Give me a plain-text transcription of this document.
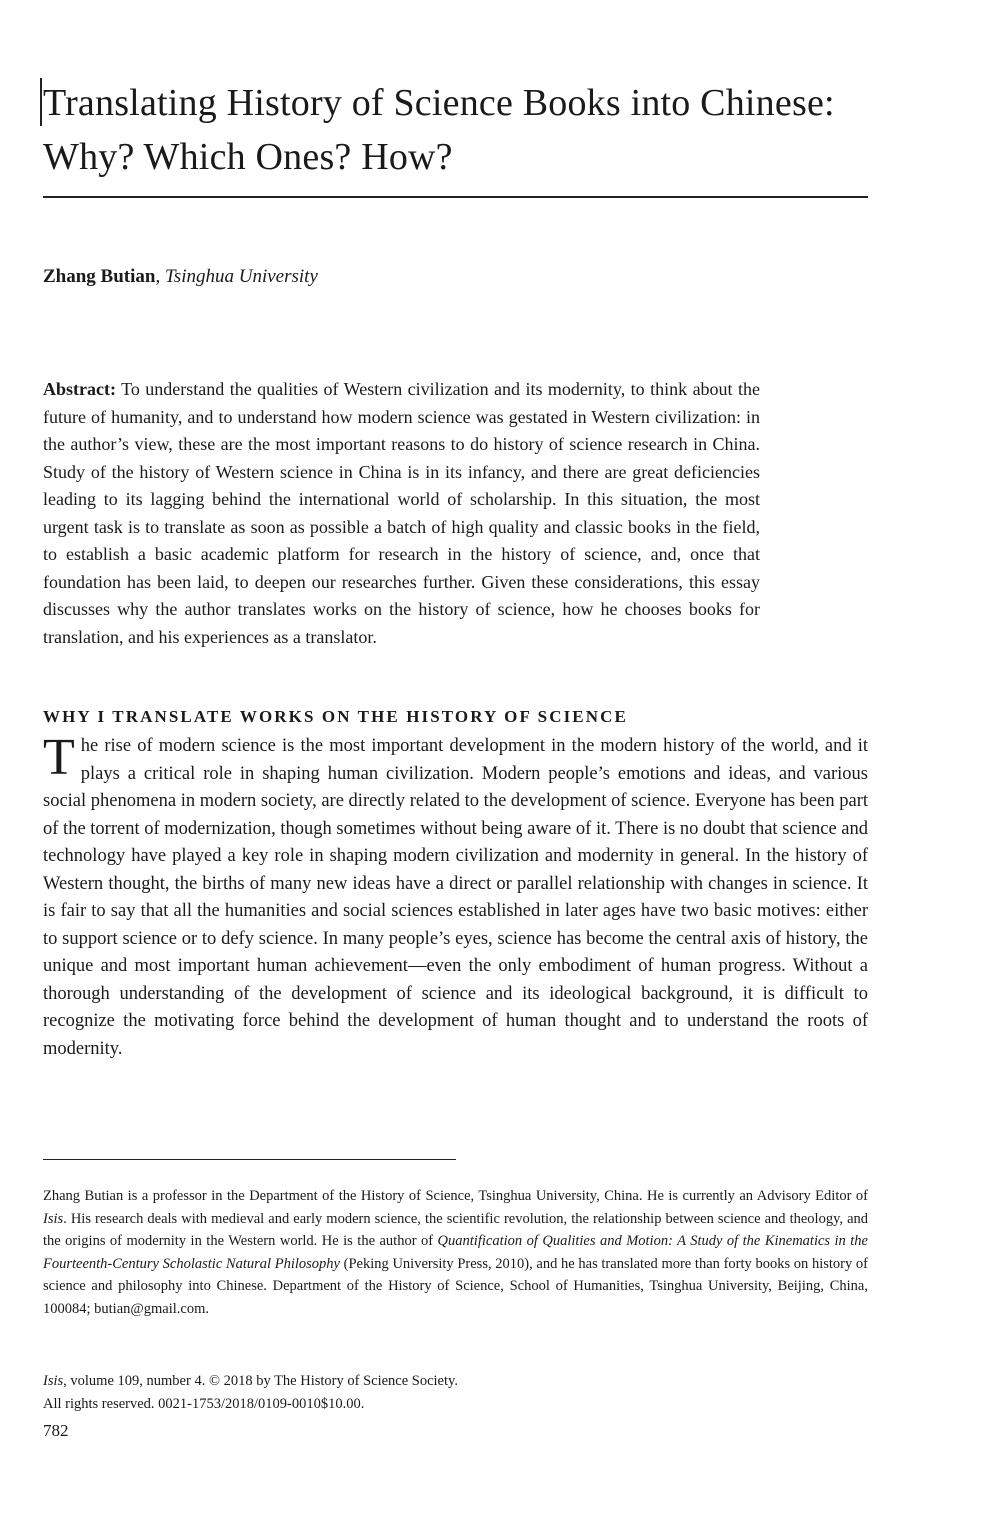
Translating History of Science Books into Chinese: Why? Which Ones? How?
Zhang Butian, Tsinghua University

Abstract: To understand the qualities of Western civilization and its modernity, to think about the future of humanity, and to understand how modern science was gestated in Western civilization: in the author’s view, these are the most important reasons to do history of science research in China. Study of the history of Western science in China is in its infancy, and there are great deficiencies leading to its lagging behind the international world of scholarship. In this situation, the most urgent task is to translate as soon as possible a batch of high quality and classic books in the field, to establish a basic academic platform for research in the history of science, and, once that foundation has been laid, to deepen our researches further. Given these considerations, this essay discusses why the author translates works on the history of science, how he chooses books for translation, and his experiences as a translator.

WHY I TRANSLATE WORKS ON THE HISTORY OF SCIENCE

The rise of modern science is the most important development in the modern history of the world, and it plays a critical role in shaping human civilization. Modern people’s emotions and ideas, and various social phenomena in modern society, are directly related to the development of science. Everyone has been part of the torrent of modernization, though sometimes without being aware of it. There is no doubt that science and technology have played a key role in shaping modern civilization and modernity in general. In the history of Western thought, the births of many new ideas have a direct or parallel relationship with changes in science. It is fair to say that all the humanities and social sciences established in later ages have two basic motives: either to support science or to defy science. In many people’s eyes, science has become the central axis of history, the unique and most important human achievement—even the only embodiment of human progress. Without a thorough understanding of the development of science and its ideological background, it is difficult to recognize the motivating force behind the development of human thought and to understand the roots of modernity.

Zhang Butian is a professor in the Department of the History of Science, Tsinghua University, China. He is currently an Advisory Editor of Isis. His research deals with medieval and early modern science, the scientific revolution, the relationship between science and theology, and the origins of modernity in the Western world. He is the author of Quantification of Qualities and Motion: A Study of the Kinematics in the Fourteenth-Century Scholastic Natural Philosophy (Peking University Press, 2010), and he has translated more than forty books on history of science and philosophy into Chinese. Department of the History of Science, School of Humanities, Tsinghua University, Beijing, China, 100084; butian@gmail.com.

Isis, volume 109, number 4. © 2018 by The History of Science Society.
All rights reserved. 0021-1753/2018/0109-0010$10.00.

782
